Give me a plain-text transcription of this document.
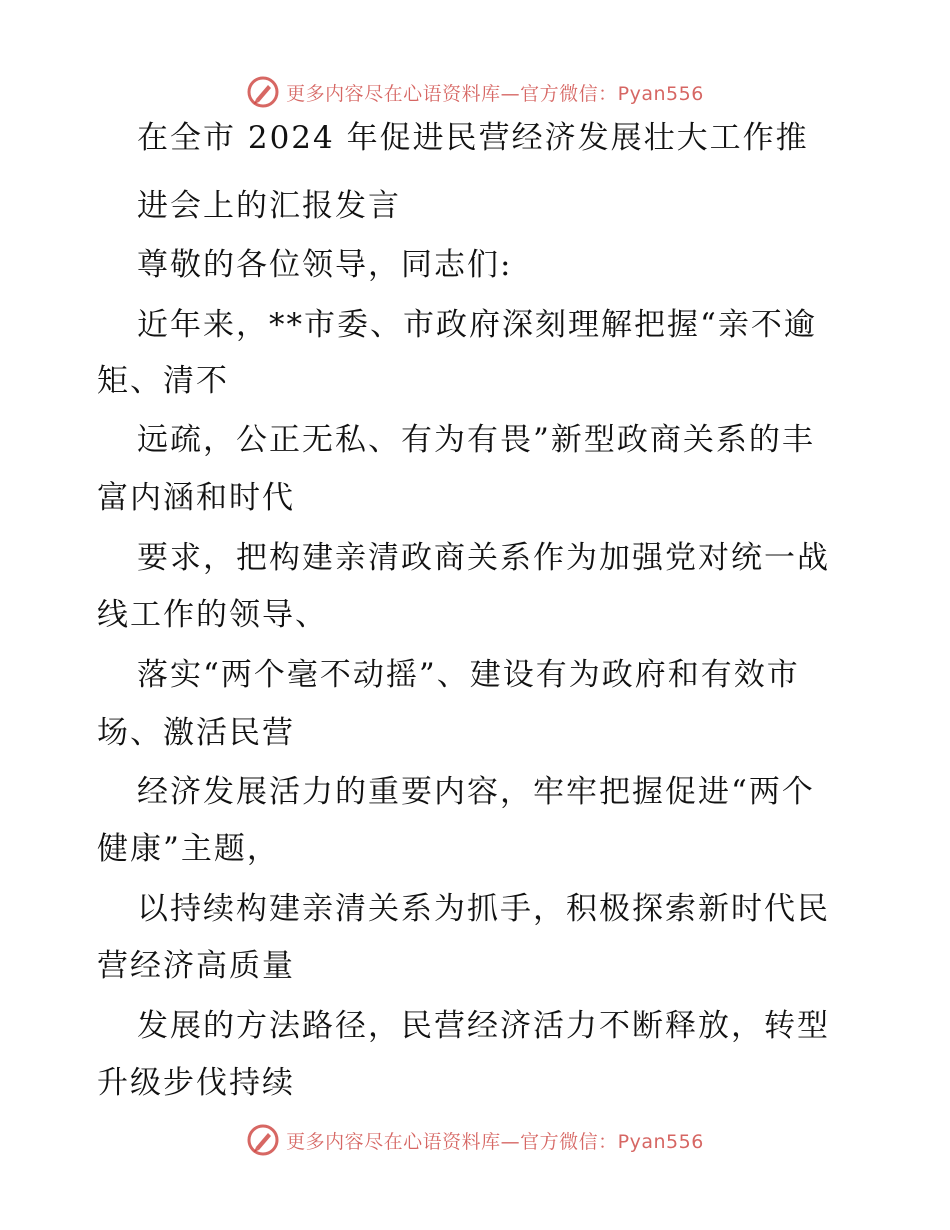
更多内容尽在心语资料库—官方微信：Pyan556
在全市 2024 年促进民营经济发展壮大工作推
进会上的汇报发言
尊敬的各位领导，同志们:
近年来，**市委、市政府深刻理解把握“亲不逾
矩、清不
远疏，公正无私、有为有畏”新型政商关系的丰
富内涵和时代
要求，把构建亲清政商关系作为加强党对统一战
线工作的领导、
落实“两个毫不动摇”、建设有为政府和有效市
场、激活民营
经济发展活力的重要内容，牢牢把握促进“两个
健康”主题，
以持续构建亲清关系为抓手，积极探索新时代民
营经济高质量
发展的方法路径，民营经济活力不断释放，转型
升级步伐持续
更多内容尽在心语资料库—官方微信：Pyan556
